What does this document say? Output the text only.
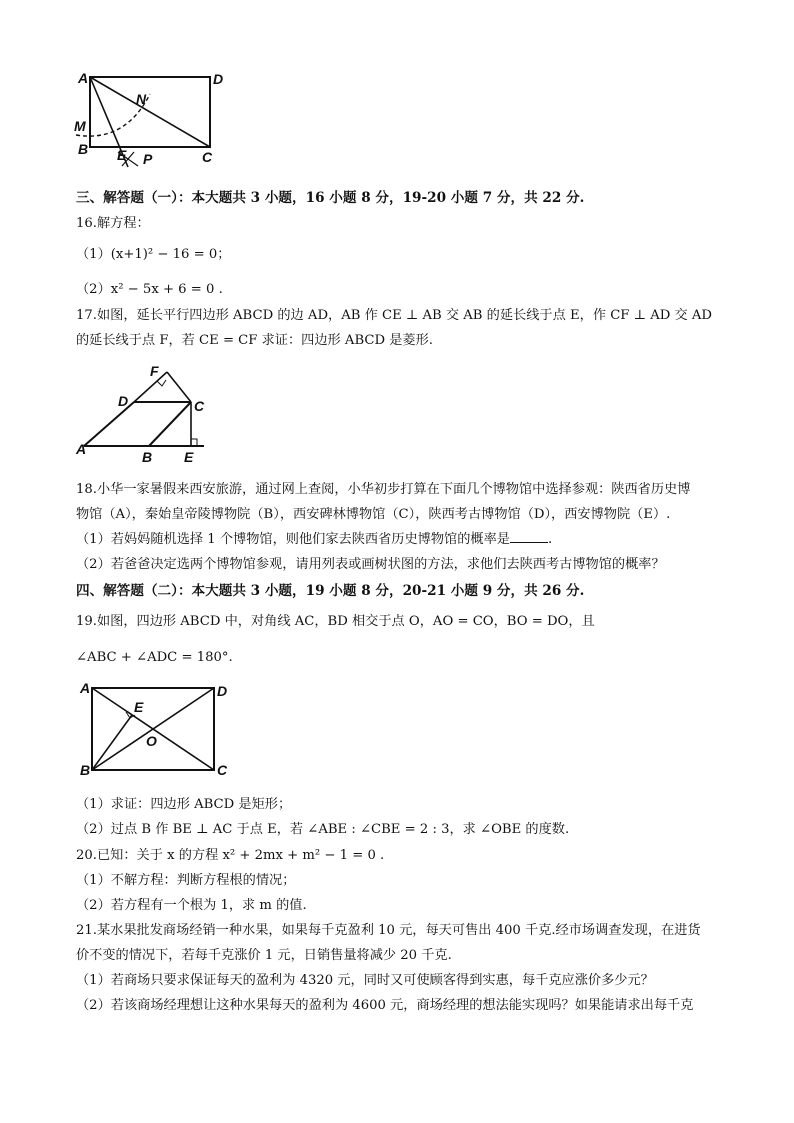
A	D
N
M
B E P	C
三、解答题（一）：本大题共 3 小题，16 小题 8 分，19-20 小题 7 分，共 22 分.
16.解方程：
（1）(x+1)² − 16 = 0；
（2）x² − 5x + 6 = 0 .
17.如图，延长平行四边形 ABCD 的边 AD，AB 作 CE ⊥ AB 交 AB 的延长线于点 E，作 CF ⊥ AD 交 AD
的延长线于点 F，若 CE = CF 求证：四边形 ABCD 是菱形.
F
D	C
A	B E
18.小华一家暑假来西安旅游，通过网上查阅，小华初步打算在下面几个博物馆中选择参观：陕西省历史博
物馆（A），秦始皇帝陵博物院（B），西安碑林博物馆（C），陕西考古博物馆（D），西安博物院（E）.
（1）若妈妈随机选择 1 个博物馆，则他们家去陕西省历史博物馆的概率是	.
（2）若爸爸决定选两个博物馆参观，请用列表或画树状图的方法，求他们去陕西考古博物馆的概率？
四、解答题（二）：本大题共 3 小题，19 小题 8 分，20-21 小题 9 分，共 26 分.
19.如图，四边形 ABCD 中，对角线 AC，BD 相交于点 O，AO = CO，BO = DO，且
∠ABC + ∠ADC = 180°.
A	D
E
O
B	C
（1）求证：四边形 ABCD 是矩形；
（2）过点 B 作 BE ⊥ AC 于点 E，若 ∠ABE : ∠CBE = 2 : 3，求 ∠OBE 的度数.
20.已知：关于 x 的方程 x² + 2mx + m² − 1 = 0 .
（1）不解方程：判断方程根的情况；
（2）若方程有一个根为 1，求 m 的值.
21.某水果批发商场经销一种水果，如果每千克盈利 10 元，每天可售出 400 千克.经市场调查发现，在进货
价不变的情况下，若每千克涨价 1 元，日销售量将减少 20 千克.
（1）若商场只要求保证每天的盈利为 4320 元，同时又可使顾客得到实惠，每千克应涨价多少元？
（2）若该商场经理想让这种水果每天的盈利为 4600 元，商场经理的想法能实现吗？如果能请求出每千克
